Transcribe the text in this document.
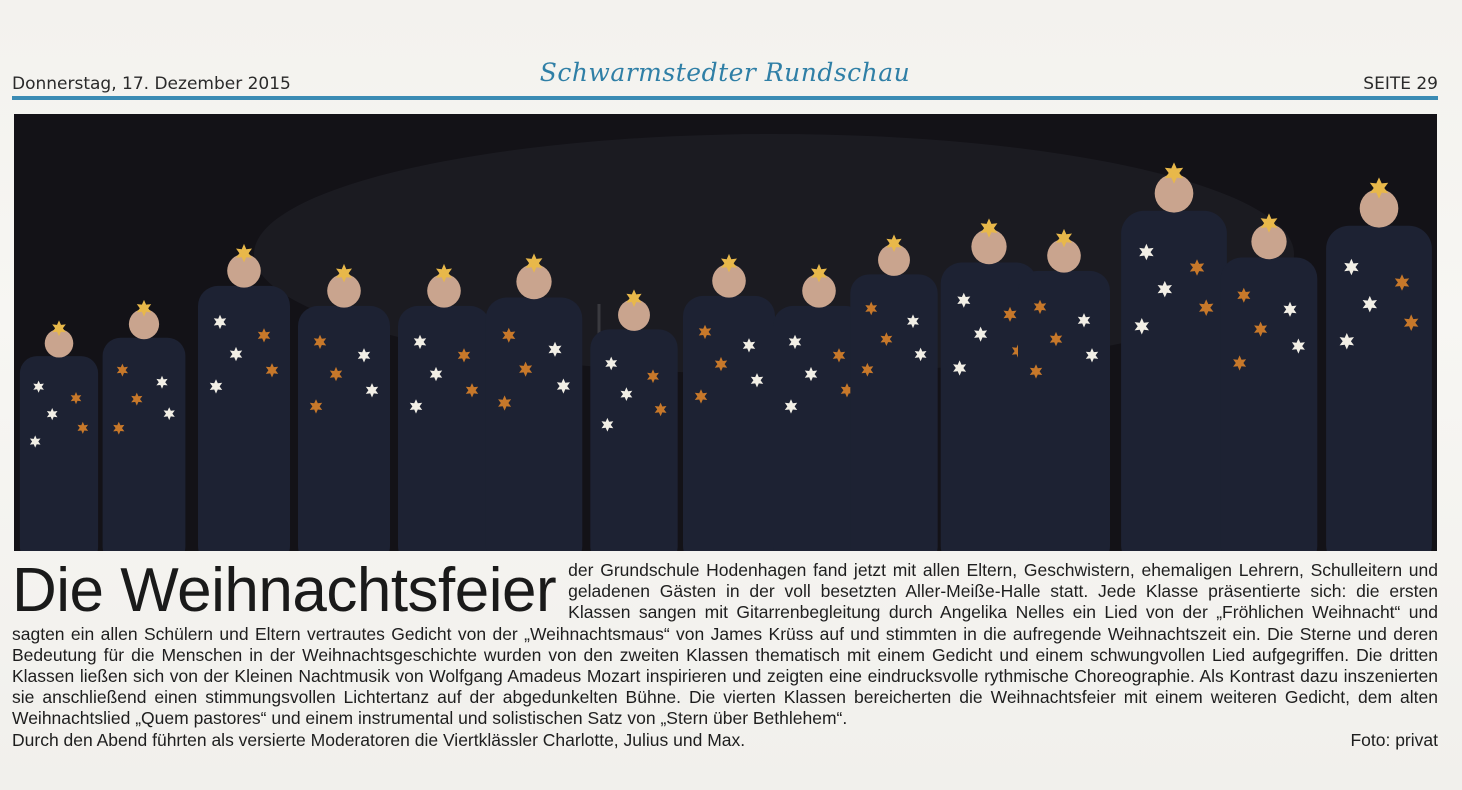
Donnerstag, 17. Dezember 2015	Schwarmstedter Rundschau	SEITE 29
Die Weihnachtsfeier der Grundschule Hodenhagen fand jetzt mit allen Eltern, Geschwistern, ehemaligen Lehrern, Schulleitern und geladenen Gästen in der voll besetzten Aller-Meiße-Halle statt. Jede Klasse präsentierte sich: die ersten Klassen sangen mit Gitarrenbegleitung durch Angelika Nelles ein Lied von der „Fröhlichen Weihnacht“ und sagten ein allen Schülern und Eltern vertrautes Gedicht von der „Weihnachtsmaus“ von James Krüss auf und stimmten in die aufregende Weihnachtszeit ein. Die Sterne und deren Bedeutung für die Menschen in der Weihnachtsgeschichte wurden von den zweiten Klassen thematisch mit einem Gedicht und einem schwungvollen Lied aufgegriffen. Die dritten Klassen ließen sich von der Kleinen Nachtmusik von Wolfgang Amadeus Mozart inspirieren und zeigten eine eindrucksvolle rythmische Choreographie. Als Kontrast dazu inszenierten sie anschließend einen stimmungsvollen Lichtertanz auf der abgedunkelten Bühne. Die vierten Klassen bereicherten die Weihnachtsfeier mit einem weiteren Gedicht, dem alten Weihnachtslied „Quem pastores“ und einem instrumental und solistischen Satz von „Stern über Bethlehem“.
Durch den Abend führten als versierte Moderatoren die Viertklässler Charlotte, Julius und Max.	Foto: privat
